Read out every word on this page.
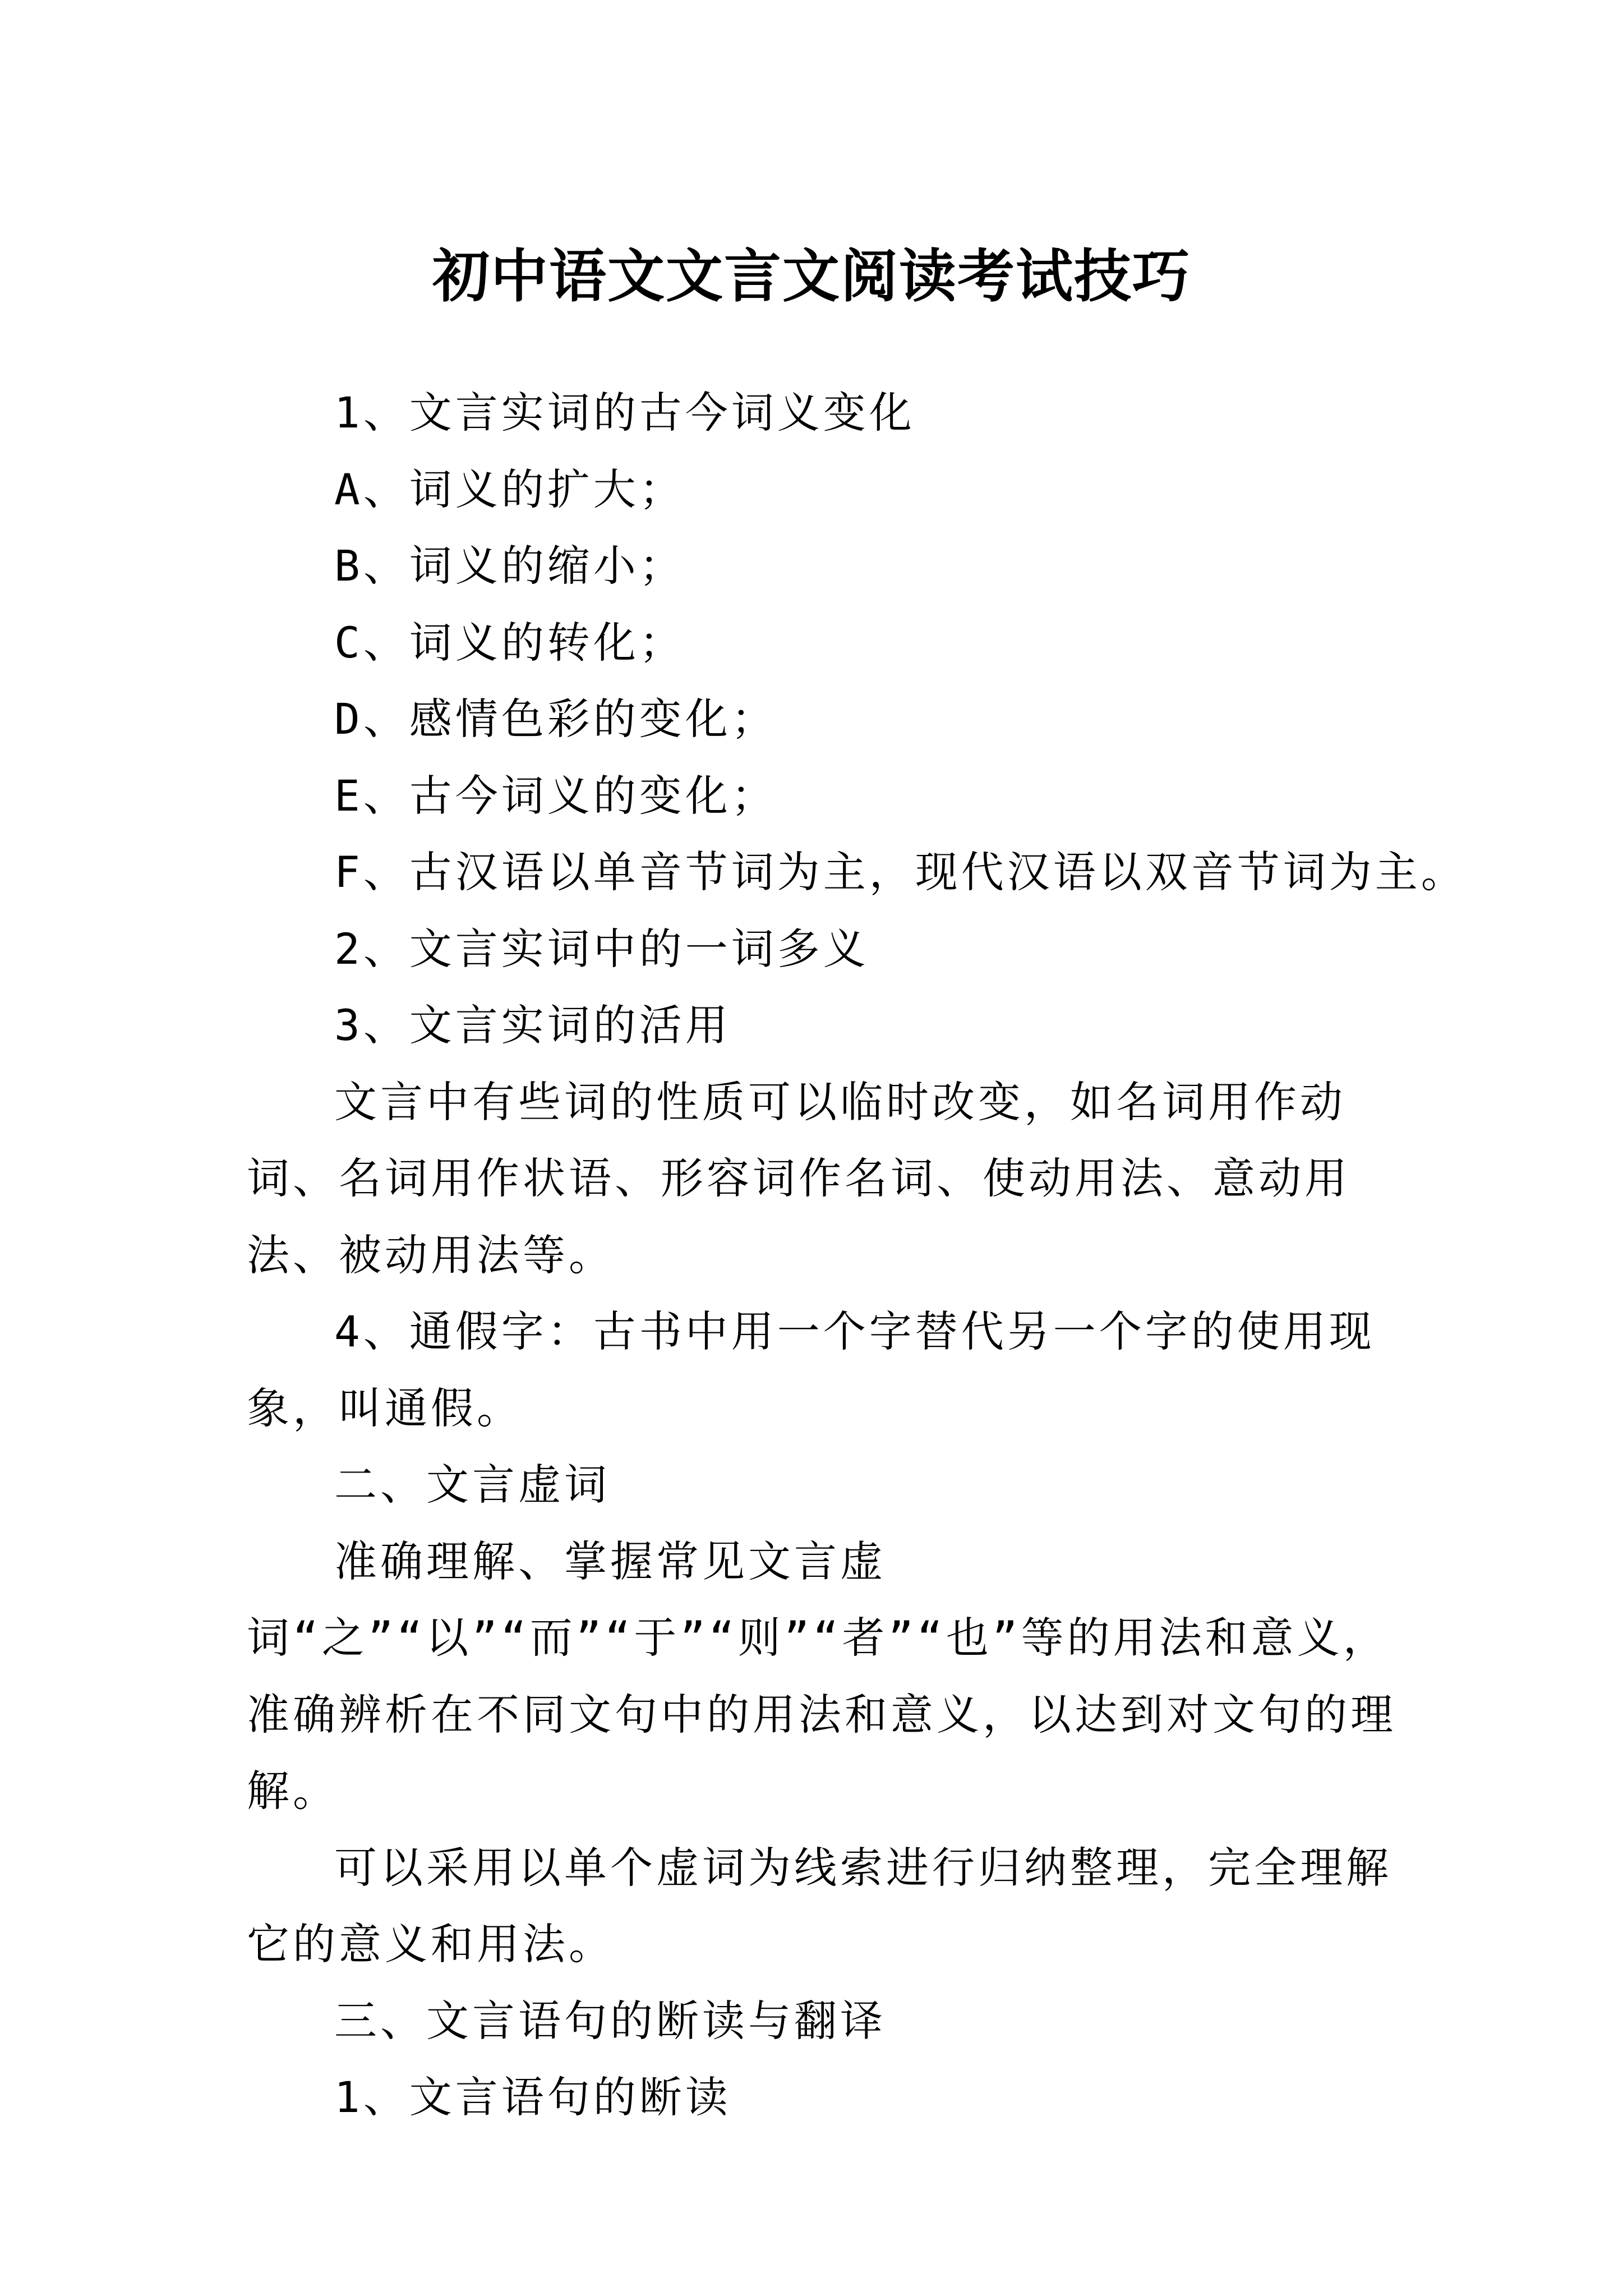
初中语文文言文阅读考试技巧

1、文言实词的古今词义变化

A、词义的扩大；

B、词义的缩小；

C、词义的转化；

D、感情色彩的变化；

E、古今词义的变化；

F、古汉语以单音节词为主，现代汉语以双音节词为主。

2、文言实词中的一词多义

3、文言实词的活用

文言中有些词的性质可以临时改变，如名词用作动词、名词用作状语、形容词作名词、使动用法、意动用法、被动用法等。

4、通假字：古书中用一个字替代另一个字的使用现象，叫通假。

二、文言虚词

准确理解、掌握常见文言虚词“之”“以”“而”“于”“则”“者”“也”等的用法和意义，准确辨析在不同文句中的用法和意义，以达到对文句的理解。

可以采用以单个虚词为线索进行归纳整理，完全理解它的意义和用法。

三、文言语句的断读与翻译

1、文言语句的断读
